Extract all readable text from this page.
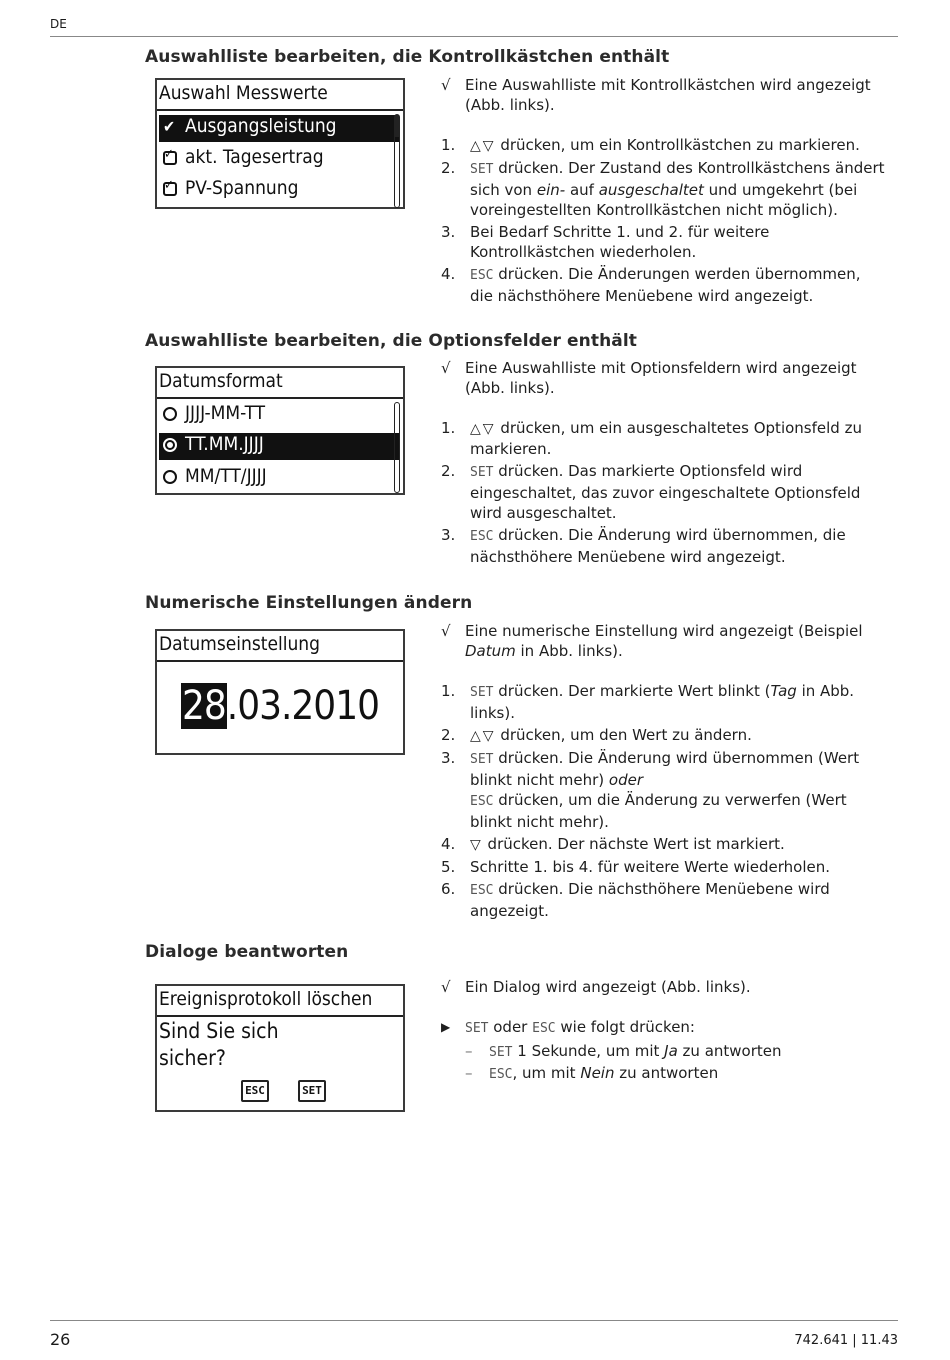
DE
Auswahlliste bearbeiten, die Kontrollkästchen enthält
Auswahl Messwerte
✔ Ausgangsleistung
✓ akt. Tagesertrag
✓ PV-Spannung

√ Eine Auswahlliste mit Kontrollkästchen wird angezeigt (Abb. links).

1. △▽ drücken, um ein Kontrollkästchen zu markieren.

2. SET drücken. Der Zustand des Kontrollkästchens ändert sich von ein- auf ausgeschaltet und umgekehrt (bei voreingestellten Kontrollkästchen nicht möglich).

3. Bei Bedarf Schritte 1. und 2. für weitere Kontrollkästchen wiederholen.

4. ESC drücken. Die Änderungen werden übernommen, die nächsthöhere Menüebene wird angezeigt.

Auswahlliste bearbeiten, die Optionsfelder enthält
Datumsformat
JJJJ-MM-TT
TT.MM.JJJJ
MM/TT/JJJJ

√ Eine Auswahlliste mit Optionsfeldern wird angezeigt (Abb. links).

1. △▽ drücken, um ein ausgeschaltetes Optionsfeld zu markieren.

2. SET drücken. Das markierte Optionsfeld wird eingeschaltet, das zuvor eingeschaltete Optionsfeld wird ausgeschaltet.

3. ESC drücken. Die Änderung wird übernommen, die nächsthöhere Menüebene wird angezeigt.

Numerische Einstellungen ändern
Datumseinstellung
28.03.2010

√ Eine numerische Einstellung wird angezeigt (Beispiel Datum in Abb. links).

1. SET drücken. Der markierte Wert blinkt (Tag in Abb. links).

2. △▽ drücken, um den Wert zu ändern.

3. SET drücken. Die Änderung wird übernommen (Wert blinkt nicht mehr) oder
ESC drücken, um die Änderung zu verwerfen (Wert blinkt nicht mehr).

4. ▽ drücken. Der nächste Wert ist markiert.

5. Schritte 1. bis 4. für weitere Werte wiederholen.

6. ESC drücken. Die nächsthöhere Menüebene wird angezeigt.

Dialoge beantworten
Ereignisprotokoll löschen
Sind Sie sich
sicher?
ESC	SET

√ Ein Dialog wird angezeigt (Abb. links).

▶ SET oder ESC wie folgt drücken:

– SET 1 Sekunde, um mit Ja zu antworten

– ESC, um mit Nein zu antworten

26	742.641 | 11.43
